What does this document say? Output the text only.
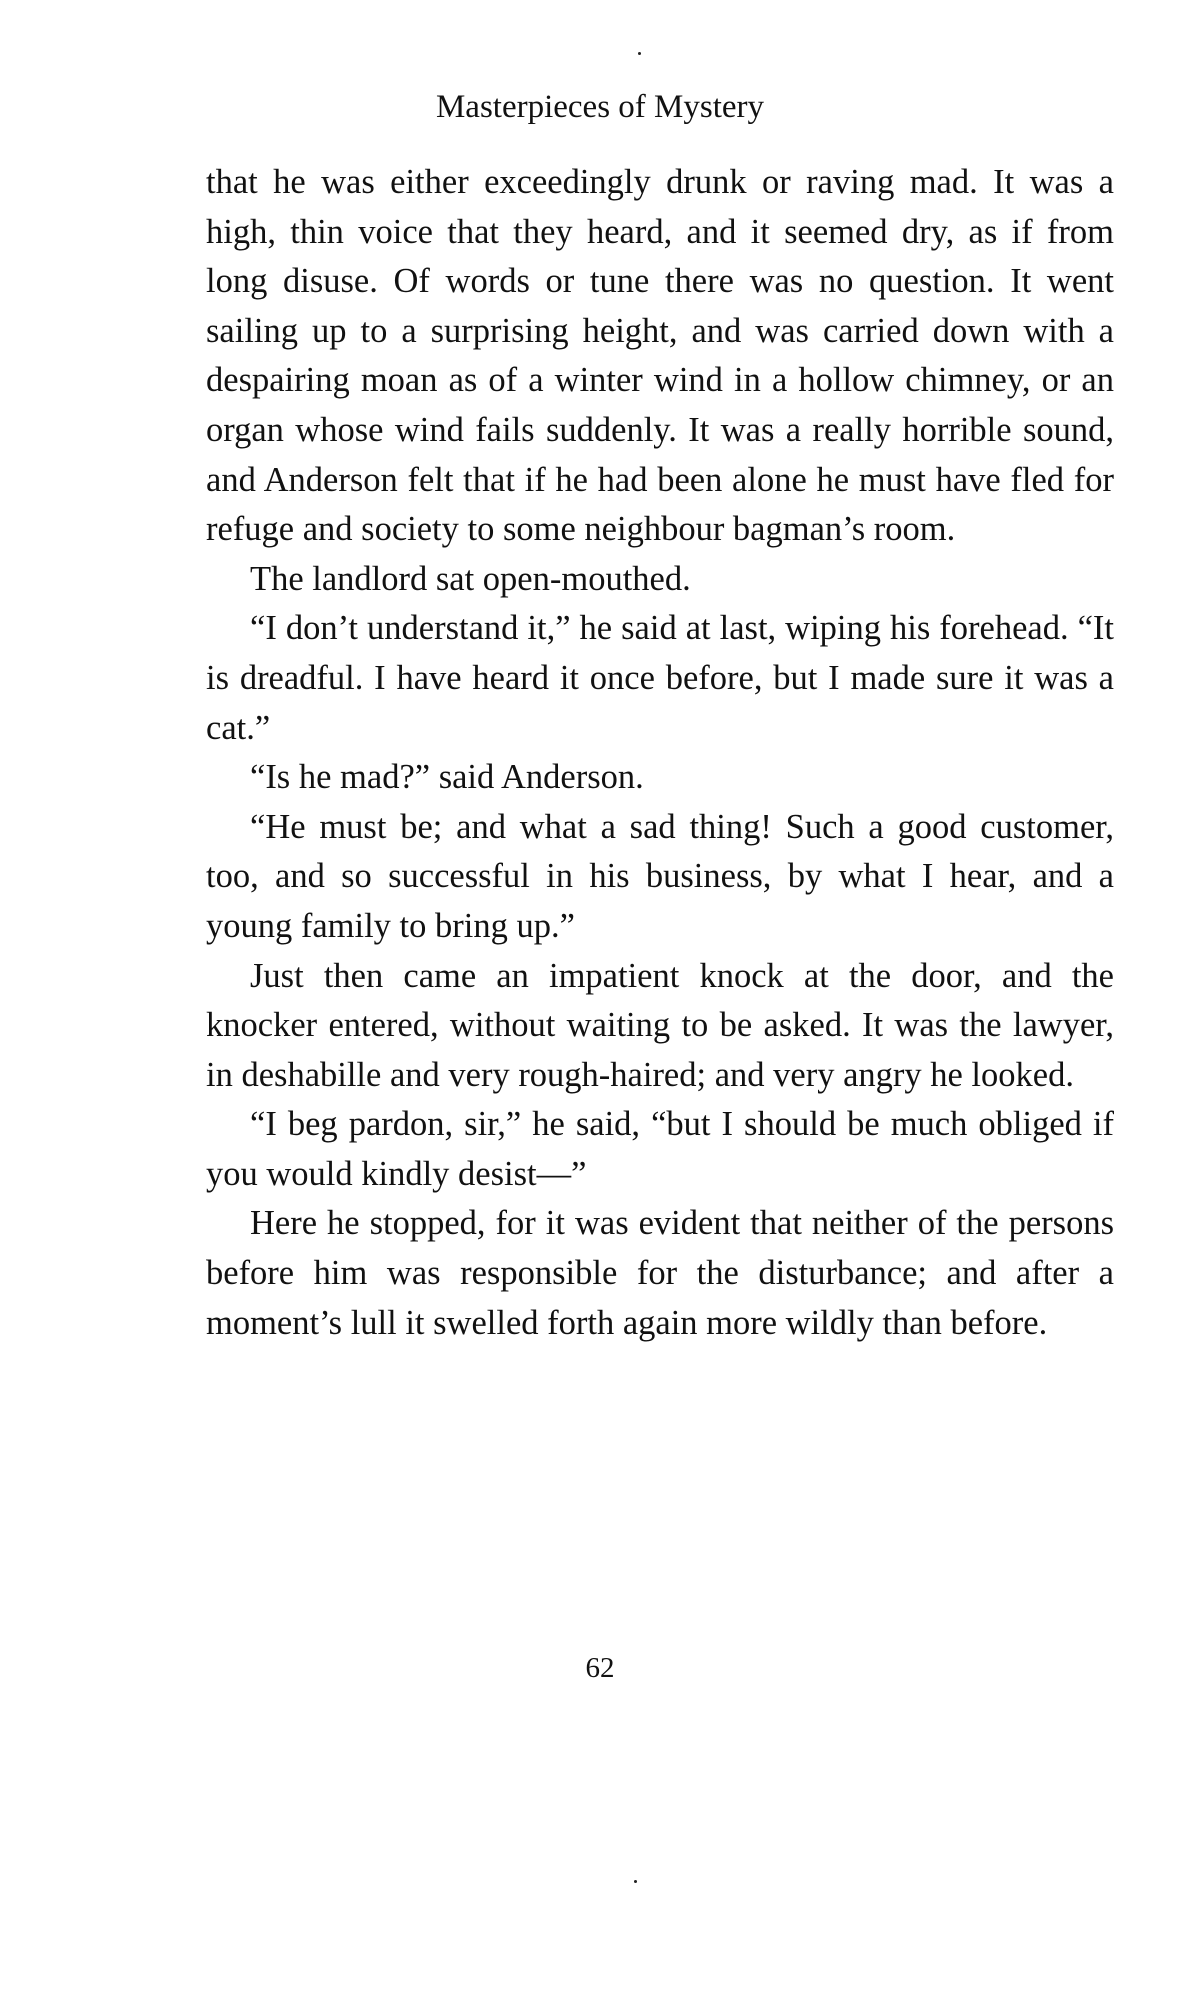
Masterpieces of Mystery

that he was either exceedingly drunk or raving mad. It was a high, thin voice that they heard, and it seemed dry, as if from long disuse. Of words or tune there was no question. It went sailing up to a surprising height, and was carried down with a despairing moan as of a winter wind in a hollow chimney, or an organ whose wind fails suddenly. It was a really horrible sound, and Anderson felt that if he had been alone he must have fled for refuge and society to some neighbour bagman’s room.

The landlord sat open-mouthed.

“I don’t understand it,” he said at last, wiping his forehead. “It is dreadful. I have heard it once before, but I made sure it was a cat.”

“Is he mad?” said Anderson.

“He must be; and what a sad thing! Such a good customer, too, and so successful in his business, by what I hear, and a young family to bring up.”

Just then came an impatient knock at the door, and the knocker entered, without waiting to be asked. It was the lawyer, in deshabille and very rough-haired; and very angry he looked.

“I beg pardon, sir,” he said, “but I should be much obliged if you would kindly desist—”

Here he stopped, for it was evident that neither of the persons before him was responsible for the disturbance; and after a moment’s lull it swelled forth again more wildly than before.

62
